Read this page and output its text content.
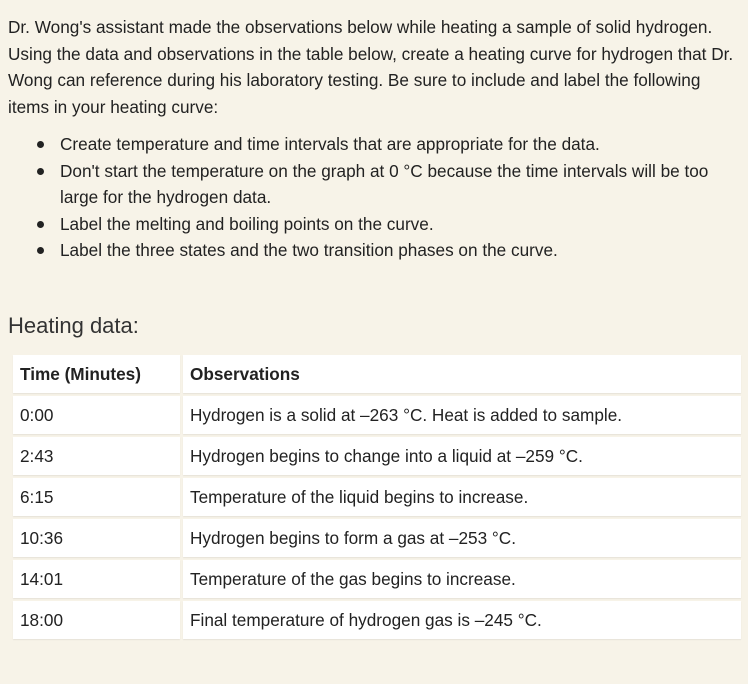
Dr. Wong's assistant made the observations below while heating a sample of solid hydrogen. Using the data and observations in the table below, create a heating curve for hydrogen that Dr. Wong can reference during his laboratory testing. Be sure to include and label the following items in your heating curve:

Create temperature and time intervals that are appropriate for the data.
Don't start the temperature on the graph at 0 °C because the time intervals will be too large for the hydrogen data.
Label the melting and boiling points on the curve.
Label the three states and the two transition phases on the curve.
Heating data:
Time (Minutes)	Observations
0:00	Hydrogen is a solid at –263 °C. Heat is added to sample.
2:43	Hydrogen begins to change into a liquid at –259 °C.
6:15	Temperature of the liquid begins to increase.
10:36	Hydrogen begins to form a gas at –253 °C.
14:01	Temperature of the gas begins to increase.
18:00	Final temperature of hydrogen gas is –245 °C.
